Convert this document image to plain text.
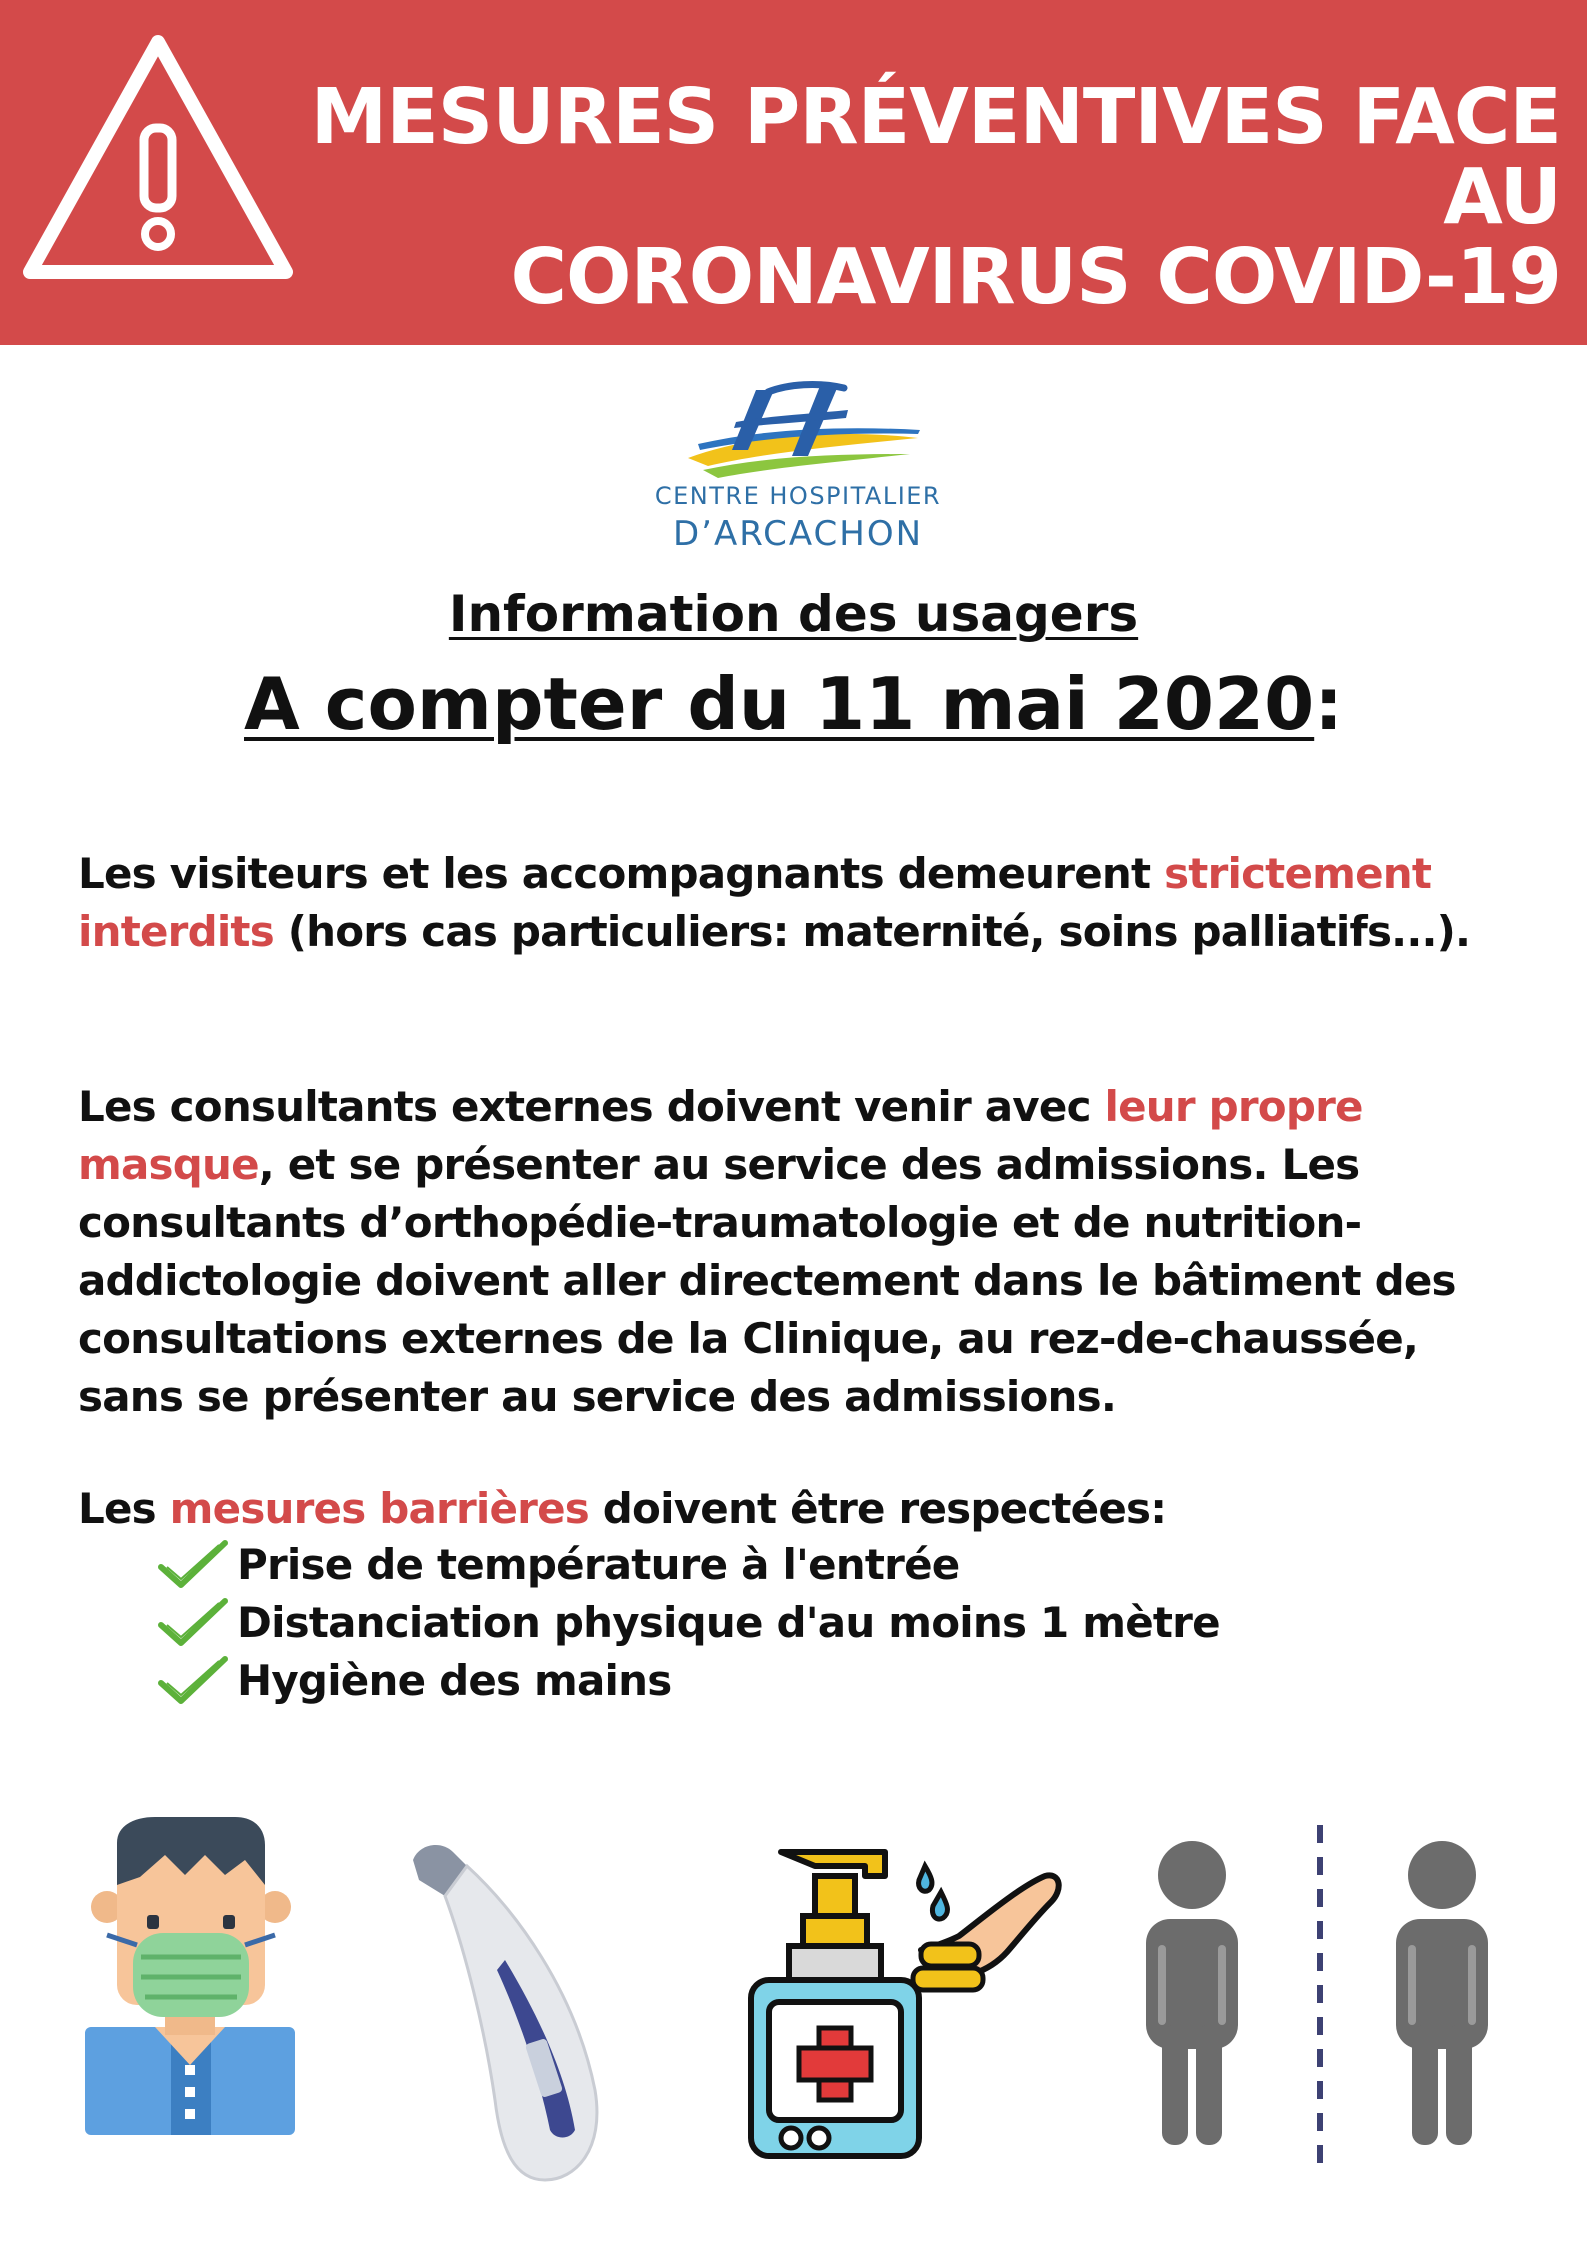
MESURES PRÉVENTIVES FACE AU
CORONAVIRUS COVID-19
CENTRE HOSPITALIER
D’ARCACHON
Information des usagers
A compter du 11 mai 2020:
Les visiteurs et les accompagnants demeurent strictement interdits (hors cas particuliers: maternité, soins palliatifs...).
Les consultants externes doivent venir avec leur propre masque, et se présenter au service des admissions. Les consultants d’orthopédie-traumatologie et de nutrition-addictologie doivent aller directement dans le bâtiment des consultations externes de la Clinique, au rez-de-chaussée, sans se présenter au service des admissions.
Les mesures barrières doivent être respectées:
Prise de température à l'entrée
Distanciation physique d'au moins 1 mètre
Hygiène des mains
